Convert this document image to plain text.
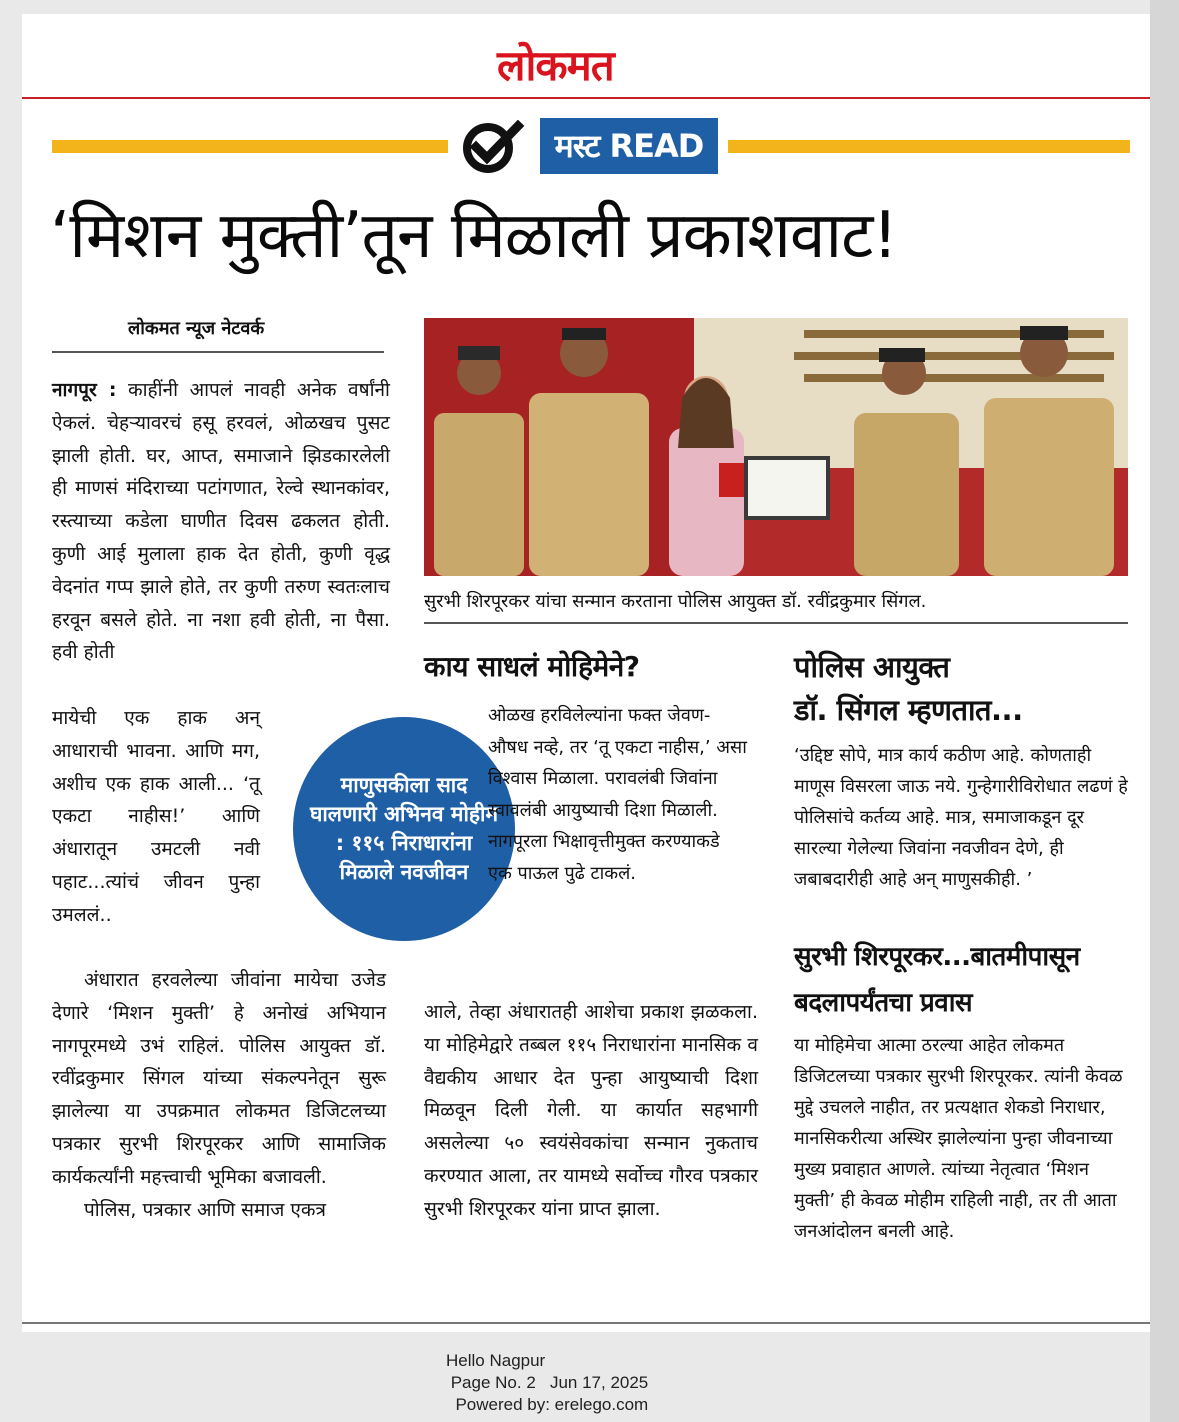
लोकमत
मस्ट READ
‘मिशन मुक्ती’तून मिळाली प्रकाशवाट!
लोकमत न्यूज नेटवर्क
नागपूर : काहींनी आपलं नावही अनेक वर्षांनी ऐकलं. चेहऱ्यावरचं हसू हरवलं, ओळखच पुसट झाली होती. घर, आप्त, समाजाने झिडकारलेली ही माणसं मंदिराच्या पटांगणात, रेल्वे स्थानकांवर, रस्त्याच्या कडेला घाणीत दिवस ढकलत होती. कुणी आई मुलाला हाक देत होती, कुणी वृद्ध वेदनांत गप्प झाले होते, तर कुणी तरुण स्वतःलाच हरवून बसले होते. ना नशा हवी होती, ना पैसा. हवी होती
मायेची एक हाक अन् आधाराची भावना. आणि मग, अशीच एक हाक आली... ‘तू एकटा नाहीस!’ आणि अंधारातून उमटली नवी पहाट...त्यांचं जीवन पुन्हा उमललं..
अंधारात हरवलेल्या जीवांना मायेचा उजेड देणारे ‘मिशन मुक्ती’ हे अनोखं अभियान नागपूरमध्ये उभं राहिलं. पोलिस आयुक्त डॉ. रवींद्रकुमार सिंगल यांच्या संकल्पनेतून सुरू झालेल्या या उपक्रमात लोकमत डिजिटलच्या पत्रकार सुरभी शिरपूरकर आणि सामाजिक कार्यकर्त्यांनी महत्त्वाची भूमिका बजावली.
पोलिस, पत्रकार आणि समाज एकत्र
माणुसकीला साद घालणारी अभिनव मोहीम : ११५ निराधारांना मिळाले नवजीवन
सुरभी शिरपूरकर यांचा सन्मान करताना पोलिस आयुक्त डॉ. रवींद्रकुमार सिंगल.
काय साधलं मोहिमेने?
ओळख हरविलेल्यांना फक्त जेवण-औषध नव्हे, तर ‘तू एकटा नाहीस,’ असा विश्वास मिळाला. परावलंबी जिवांना स्वावलंबी आयुष्याची दिशा मिळाली. नागपूरला भिक्षावृत्तीमुक्त करण्याकडे एक पाऊल पुढे टाकलं.
आले, तेव्हा अंधारातही आशेचा प्रकाश झळकला. या मोहिमेद्वारे तब्बल ११५ निराधारांना मानसिक व वैद्यकीय आधार देत पुन्हा आयुष्याची दिशा मिळवून दिली गेली. या कार्यात सहभागी असलेल्या ५० स्वयंसेवकांचा सन्मान नुकताच करण्यात आला, तर यामध्ये सर्वोच्च गौरव पत्रकार सुरभी शिरपूरकर यांना प्राप्त झाला.
पोलिस आयुक्त
डॉ. सिंगल म्हणतात...
‘उद्दिष्ट सोपे, मात्र कार्य कठीण आहे. कोणताही माणूस विसरला जाऊ नये. गुन्हेगारीविरोधात लढणं हे पोलिसांचे कर्तव्य आहे. मात्र, समाजाकडून दूर सारल्या गेलेल्या जिवांना नवजीवन देणे, ही जबाबदारीही आहे अन् माणुसकीही. ’
सुरभी शिरपूरकर...बातमीपासून
बदलापर्यंतचा प्रवास
या मोहिमेचा आत्मा ठरल्या आहेत लोकमत डिजिटलच्या पत्रकार सुरभी शिरपूरकर. त्यांनी केवळ मुद्दे उचलले नाहीत, तर प्रत्यक्षात शेकडो निराधार, मानसिकरीत्या अस्थिर झालेल्यांना पुन्हा जीवनाच्या मुख्य प्रवाहात आणले. त्यांच्या नेतृत्वात ‘मिशन मुक्ती’ ही केवळ मोहीम राहिली नाही, तर ती आता जनआंदोलन बनली आहे.
Hello Nagpur
Page No. 2   Jun 17, 2025
Powered by: erelego.com
